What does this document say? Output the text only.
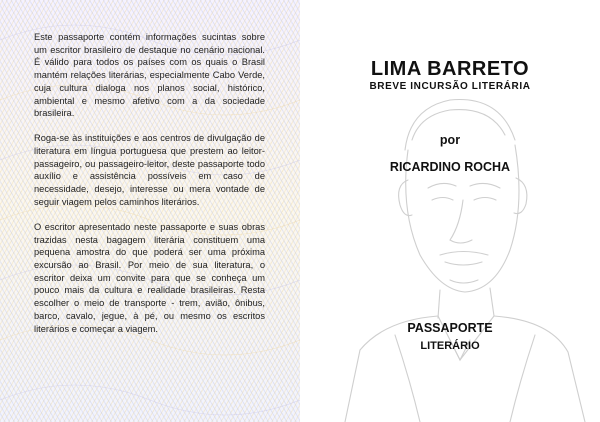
Este passaporte contém informações sucintas sobre um escritor brasileiro de destaque no cenário nacional. É válido para todos os países com os quais o Brasil mantém relações literárias, especialmente Cabo Verde, cuja cultura dialoga nos planos social, histórico, ambiental e mesmo afetivo com a da sociedade brasileira.

Roga-se às instituições e aos centros de divulgação de literatura em língua portuguesa que prestem ao leitor-passageiro, ou passageiro-leitor, deste passaporte todo auxílio e assistência possíveis em caso de necessidade, desejo, interesse ou mera vontade de seguir viagem pelos caminhos literários.

O escritor apresentado neste passaporte e suas obras trazidas nesta bagagem literária constituem uma pequena amostra do que poderá ser uma próxima excursão ao Brasil. Por meio de sua literatura, o escritor deixa um convite para que se conheça um pouco mais da cultura e realidade brasileiras. Resta escolher o meio de transporte - trem, avião, ônibus, barco, cavalo, jegue, à pé, ou mesmo os escritos literários e começar a viagem.

LIMA BARRETO
BREVE INCURSÃO LITERÁRIA
por
RICARDINO ROCHA
PASSAPORTE
LITERÁRIO
